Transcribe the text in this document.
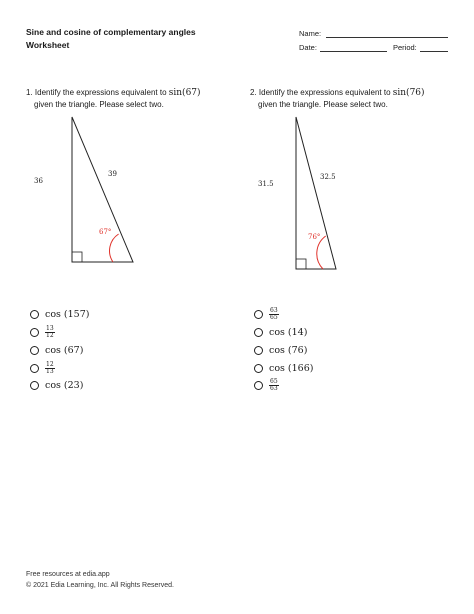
Sine and cosine of complementary angles
Worksheet
Name:
Date:	Period:
1. Identify the expressions equivalent to sin(67)
given the triangle. Please select two.
36
39
67°
31.5
32.5
76°
cos (157)
$\frac{13}{12}$
cos (67)
$\frac{12}{13}$
cos (23)
2. Identify the expressions equivalent to sin(76)
given the triangle. Please select two.
$\frac{63}{65}$
cos (14)
cos (76)
cos (166)
$\frac{65}{63}$
Free resources at edia.app
© 2021 Edia Learning, Inc. All Rights Reserved.
